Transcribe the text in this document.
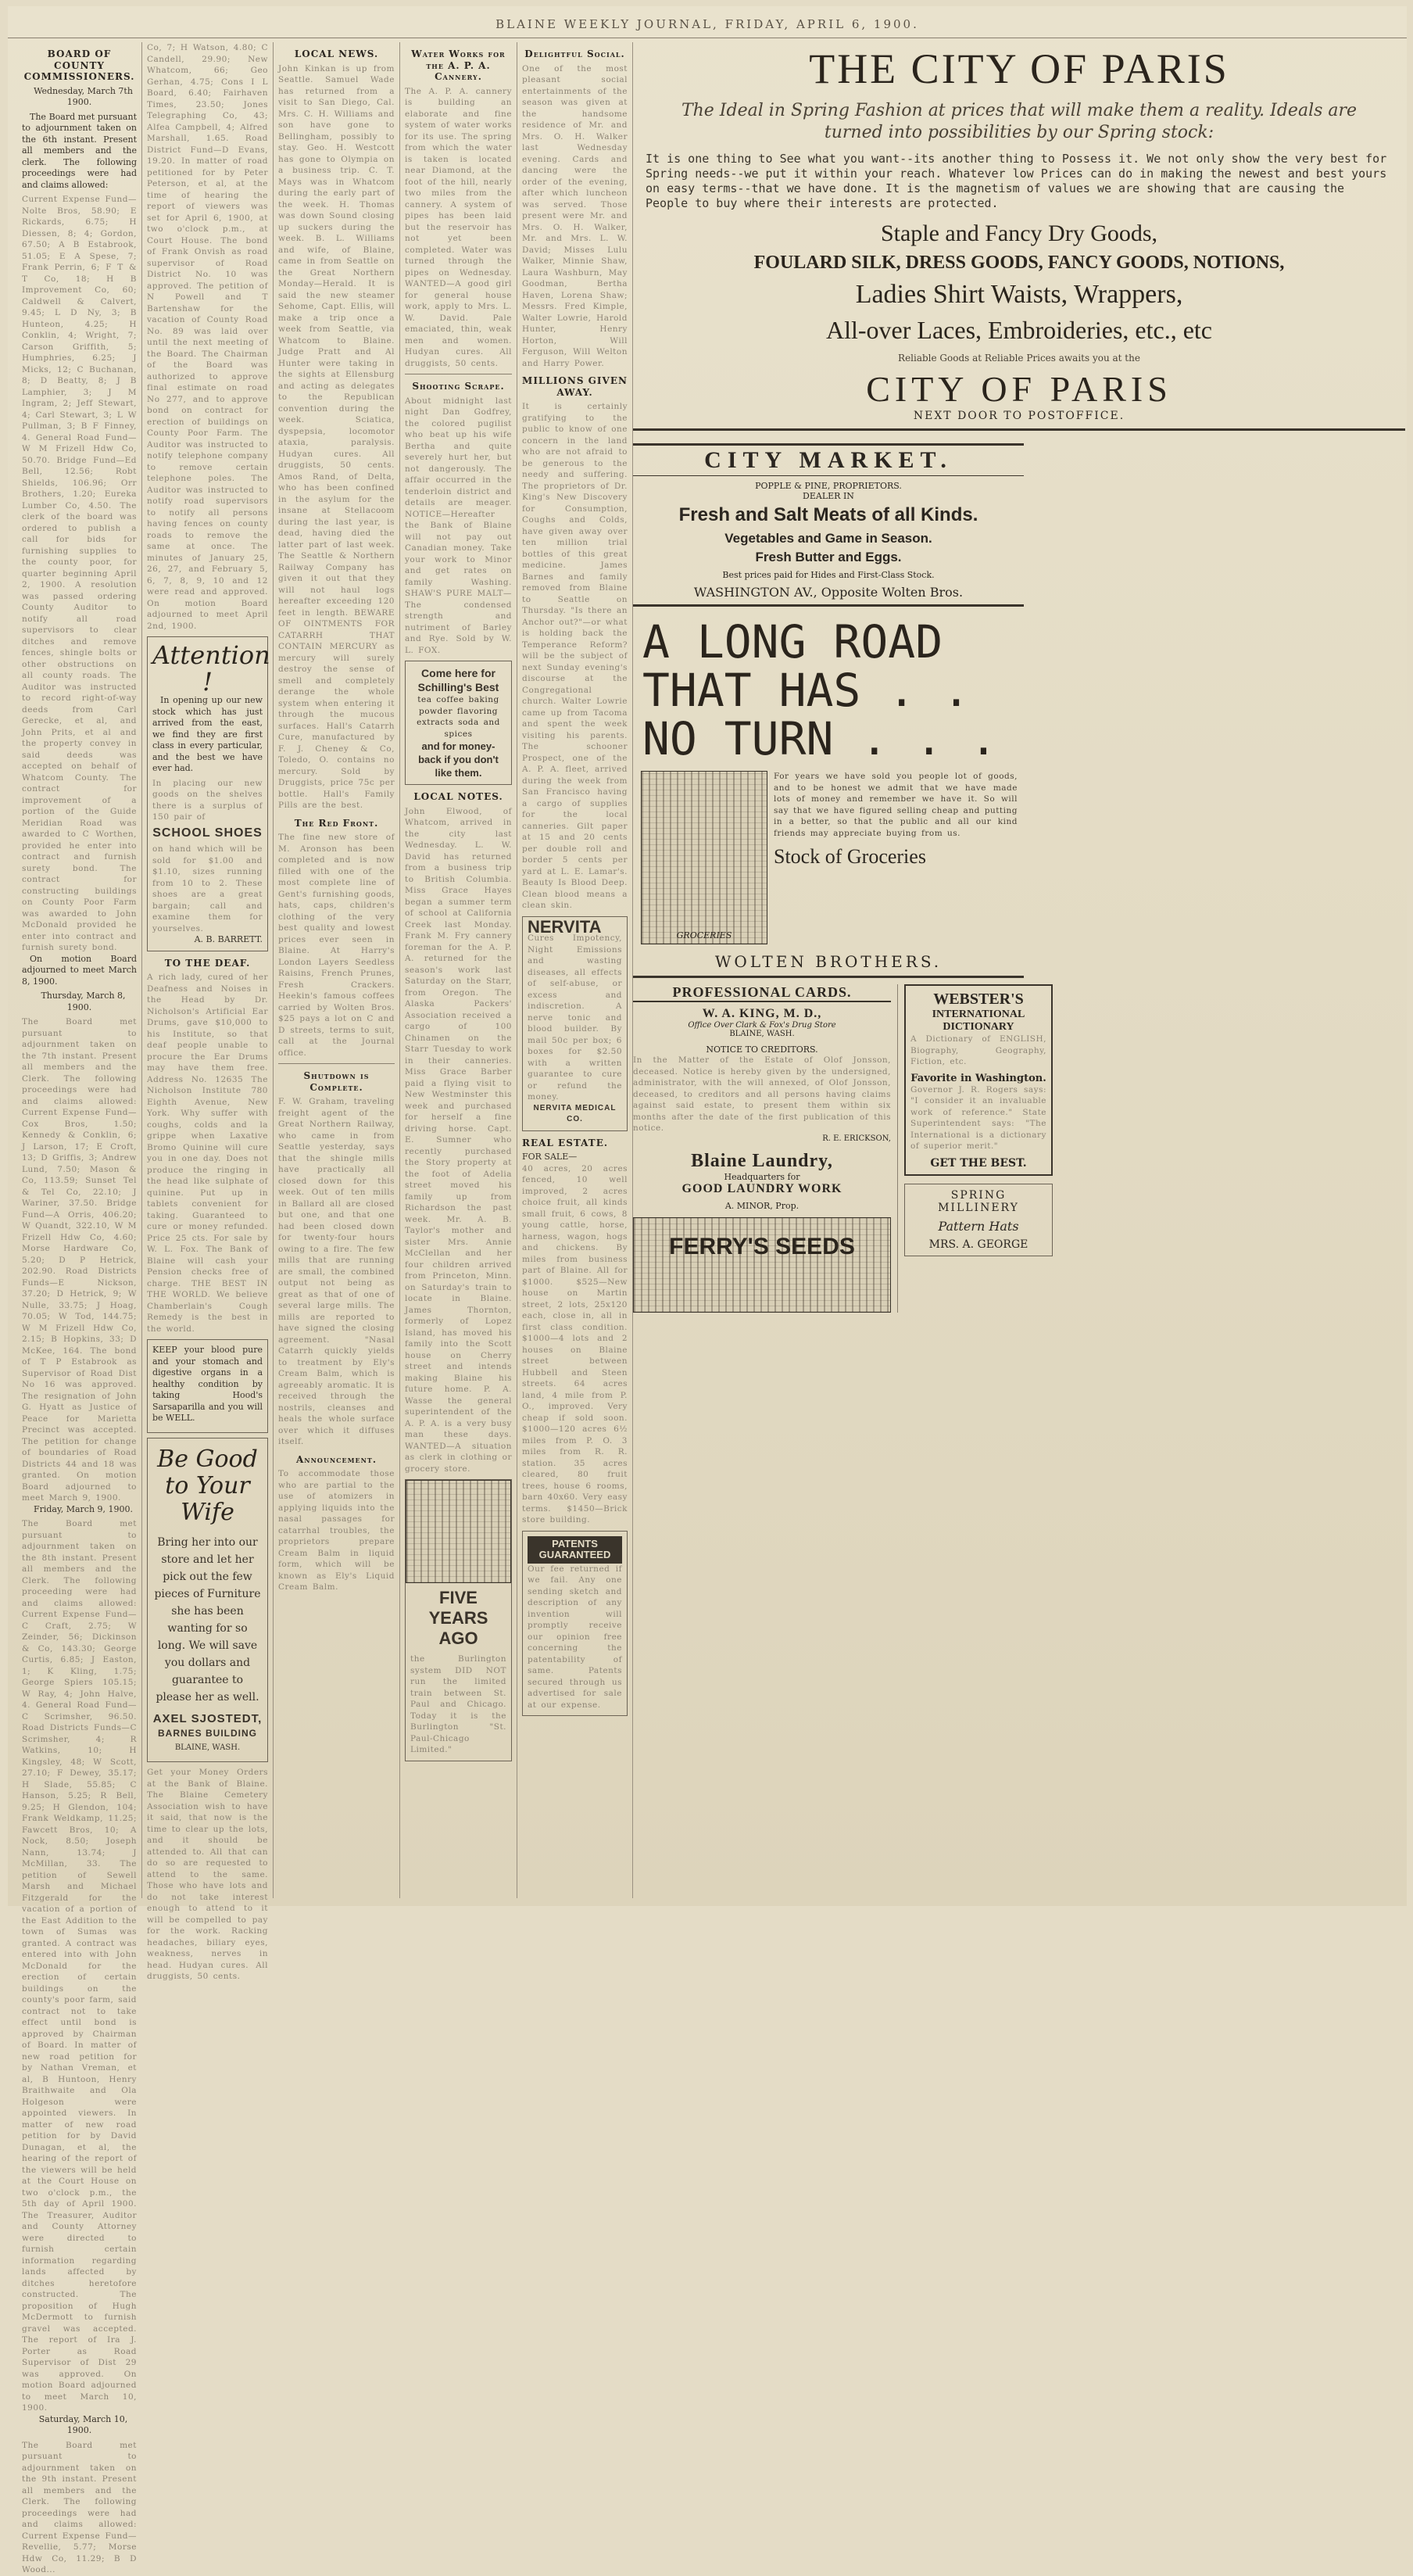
BLAINE WEEKLY JOURNAL, FRIDAY, APRIL 6, 1900.
BOARD OF COUNTY COMMISSIONERS.

Wednesday, March 7th 1900.

The Board met pursuant to adjournment taken on the 6th instant. Present all members and the clerk. The following proceedings were had and claims allowed:

Current Expense Fund—Nolte Bros, 58.90; E Rickards, 6.75; H Diessen, 8; 4; Gordon, 67.50; A B Estabrook, 51.05; E A Spese, 7; Frank Perrin, 6; F T & T Co, 18; H B Improvement Co, 60; Caldwell & Calvert, 9.45; L D Ny, 3; B Hunteon, 4.25; H Conklin, 4; Wright, 7; Carson Griffith, 5; Humphries, 6.25; J Micks, 12; C Buchanan, 8; D Beatty, 8; J B Lamphier, 3; J M Ingram, 2; Jeff Stewart, 4; Carl Stewart, 3; L W Pullman, 3; B F Finney, 4. General Road Fund—W M Frizell Hdw Co, 50.70. Bridge Fund—Ed Bell, 12.56; Robt Shields, 106.96; Orr Brothers, 1.20; Eureka Lumber Co, 4.50. The clerk of the board was ordered to publish a call for bids for furnishing supplies to the county poor, for quarter beginning April 2, 1900. A resolution was passed ordering County Auditor to notify all road supervisors to clear ditches and remove fences, shingle bolts or other obstructions on all county roads. The Auditor was instructed to record right-of-way deeds from Carl Gerecke, et al, and John Prits, et al and the property convey in said deeds was accepted on behalf of Whatcom County. The contract for improvement of a portion of the Guide Meridian Road was awarded to C Worthen, provided he enter into contract and furnish surety bond. The contract for constructing buildings on County Poor Farm was awarded to John McDonald provided he enter into contract and furnish surety bond.

On motion Board adjourned to meet March 8, 1900.

Thursday, March 8, 1900.

The Board met pursuant to adjournment taken on the 7th instant. Present all members and the Clerk. The following proceedings were had and claims allowed: Current Expense Fund—Cox Bros, 1.50; Kennedy & Conklin, 6; J Larson, 17; E Croft, 13; D Griffis, 3; Andrew Lund, 7.50; Mason & Co, 113.59; Sunset Tel & Tel Co, 22.10; J Wariner, 37.50. Bridge Fund—A Orris, 406.20; W Quandt, 322.10, W M Frizell Hdw Co, 4.60; Morse Hardware Co, 5.20; D P Hetrick, 202.90. Road Districts Funds—E Nickson, 37.20; D Hetrick, 9; W Nulle, 33.75; J Hoag, 70.05; W Tod, 144.75; W M Frizell Hdw Co, 2.15; B Hopkins, 33; D McKee, 164. The bond of T P Estabrook as Supervisor of Road Dist No 16 was approved. The resignation of John G. Hyatt as Justice of Peace for Marietta Precinct was accepted. The petition for change of boundaries of Road Districts 44 and 18 was granted. On motion Board adjourned to meet March 9, 1900.

Friday, March 9, 1900.

The Board met pursuant to adjournment taken on the 8th instant. Present all members and the Clerk. The following proceeding were had and claims allowed: Current Expense Fund—C Craft, 2.75; W Zeinder, 56; Dickinson & Co, 143.30; George Curtis, 6.85; J Easton, 1; K Kling, 1.75; George Spiers 105.15; W Ray, 4; John Halve, 4. General Road Fund—C Scrimsher, 96.50. Road Districts Funds—C Scrimsher, 4; R Watkins, 10; H Kingsley, 48; W Scott, 27.10; F Dewey, 35.17; H Slade, 55.85; C Hanson, 5.25; R Bell, 9.25; H Glendon, 104; Frank Weldkamp, 11.25; Fawcett Bros, 10; A Nock, 8.50; Joseph Nann, 13.74; J McMillan, 33. The petition of Sewell Marsh and Michael Fitzgerald for the vacation of a portion of the East Addition to the town of Sumas was granted. A contract was entered into with John McDonald for the erection of certain buildings on the county's poor farm, said contract not to take effect until bond is approved by Chairman of Board. In matter of new road petition for by Nathan Vreman, et al, B Huntoon, Henry Braithwaite and Ola Holgeson were appointed viewers. In matter of new road petition for by David Dunagan, et al, the hearing of the report of the viewers will be held at the Court House on two o'clock p.m., the 5th day of April 1900. The Treasurer, Auditor and County Attorney were directed to furnish certain information regarding lands affected by ditches heretofore constructed. The proposition of Hugh McDermott to furnish gravel was accepted. The report of Ira J. Porter as Road Supervisor of Dist 29 was approved. On motion Board adjourned to meet March 10, 1900.

Saturday, March 10, 1900.

The Board met pursuant to adjournment taken on the 9th instant. Present all members and the Clerk. The following proceedings were had and claims allowed: Current Expense Fund—Revellie, 5.77; Morse Hdw Co, 11.29; B D Wood...
Co, 7; H Watson, 4.80; C Candell, 29.90; New Whatcom, 66; Geo Gerhan, 4.75; Cons I L Board, 6.40; Fairhaven Times, 23.50; Jones Telegraphing Co, 43; Alfea Campbell, 4; Alfred Marshall, 1.65. Road District Fund—D Evans, 19.20. In matter of road petitioned for by Peter Peterson, et al, at the time of hearing the report of viewers was set for April 6, 1900, at two o'clock p.m., at Court House. The bond of Frank Onvish as road supervisor of Road District No. 10 was approved. The petition of N Powell and T Bartenshaw for the vacation of County Road No. 89 was laid over until the next meeting of the Board. The Chairman of the Board was authorized to approve final estimate on road No 277, and to approve bond on contract for erection of buildings on County Poor Farm. The Auditor was instructed to notify telephone company to remove certain telephone poles. The Auditor was instructed to notify road supervisors to notify all persons having fences on county roads to remove the same at once. The minutes of January 25, 26, 27, and February 5, 6, 7, 8, 9, 10 and 12 were read and approved. On motion Board adjourned to meet April 2nd, 1900.
Attention !

In opening up our new stock which has just arrived from the east, we find they are first class in every particular, and the best we have ever had.

In placing our new goods on the shelves there is a surplus of 150 pair of
SCHOOL SHOES
on hand which will be sold for $1.00 and $1.10, sizes running from 10 to 2. These shoes are a great bargain; call and examine them for yourselves.
A. B. BARRETT.
TO THE DEAF.
A rich lady, cured of her Deafness and Noises in the Head by Dr. Nicholson's Artificial Ear Drums, gave $10,000 to his Institute, so that deaf people unable to procure the Ear Drums may have them free. Address No. 12635 The Nicholson Institute 780 Eighth Avenue, New York. Why suffer with coughs, colds and la grippe when Laxative Bromo Quinine will cure you in one day. Does not produce the ringing in the head like sulphate of quinine. Put up in tablets convenient for taking. Guaranteed to cure or money refunded. Price 25 cts. For sale by W. L. Fox. The Bank of Blaine will cash your Pension checks free of charge. THE BEST IN THE WORLD. We believe Chamberlain's Cough Remedy is the best in the world.

KEEP your blood pure and your stomach and digestive organs in a healthy condition by taking Hood's Sarsaparilla and you will be WELL.

Be Good
to Your Wife

Bring her into our store and let her pick out the few pieces of Furniture she has been wanting for so long. We will save you dollars and guarantee to please her as well.

AXEL SJOSTEDT,
BARNES BUILDING
BLAINE, WASH.
Get your Money Orders at the Bank of Blaine. The Blaine Cemetery Association wish to have it said, that now is the time to clear up the lots, and it should be attended to. All that can do so are requested to attend to the same. Those who have lots and do not take interest enough to attend to it will be compelled to pay for the work. Racking headaches, biliary eyes, weakness, nerves in head. Hudyan cures. All druggists, 50 cents.
LOCAL NEWS.
John Kinkan is up from Seattle. Samuel Wade has returned from a visit to San Diego, Cal. Mrs. C. H. Williams and son have gone to Bellingham, possibly to stay. Geo. H. Westcott has gone to Olympia on a business trip. C. T. Mays was in Whatcom during the early part of the week. H. Thomas was down Sound closing up suckers during the week. B. L. Williams and wife, of Blaine, came in from Seattle on the Great Northern Monday—Herald. It is said the new steamer Sehome, Capt. Ellis, will make a trip once a week from Seattle, via Whatcom to Blaine. Judge Pratt and Al Hunter were taking in the sights at Ellensburg and acting as delegates to the Republican convention during the week. Sciatica, dyspepsia, locomotor ataxia, paralysis. Hudyan cures. All druggists, 50 cents. Amos Rand, of Delta, who has been confined in the asylum for the insane at Stellacoom during the last year, is dead, having died the latter part of last week. The Seattle & Northern Railway Company has given it out that they will not haul logs hereafter exceeding 120 feet in length. BEWARE OF OINTMENTS FOR CATARRH THAT CONTAIN MERCURY as mercury will surely destroy the sense of smell and completely derange the whole system when entering it through the mucous surfaces. Hall's Catarrh Cure, manufactured by F. J. Cheney & Co, Toledo, O. contains no mercury. Sold by Druggists, price 75c per bottle. Hall's Family Pills are the best.
The Red Front.
The fine new store of M. Aronson has been completed and is now filled with one of the most complete line of Gent's furnishing goods, hats, caps, children's clothing of the very best quality and lowest prices ever seen in Blaine. At Harry's London Layers Seedless Raisins, French Prunes, Fresh Crackers. Heekin's famous coffees carried by Wolten Bros. $25 pays a lot on C and D streets, terms to suit, call at the Journal office.
Shutdown is Complete.
F. W. Graham, traveling freight agent of the Great Northern Railway, who came in from Seattle yesterday, says that the shingle mills have practically all closed down for this week. Out of ten mills in Ballard all are closed but one, and that one had been closed down for twenty-four hours owing to a fire. The few mills that are running are small, the combined output not being as great as that of one of several large mills. The mills are reported to have signed the closing agreement. "Nasal Catarrh quickly yields to treatment by Ely's Cream Balm, which is agreeably aromatic. It is received through the nostrils, cleanses and heals the whole surface over which it diffuses itself.
Announcement.
To accommodate those who are partial to the use of atomizers in applying liquids into the nasal passages for catarrhal troubles, the proprietors prepare Cream Balm in liquid form, which will be known as Ely's Liquid Cream Balm.
Water Works for the A. P. A. Cannery.
The A. P. A. cannery is building an elaborate and fine system of water works for its use. The spring from which the water is taken is located near Diamond, at the foot of the hill, nearly two miles from the cannery. A system of pipes has been laid but the reservoir has not yet been completed. Water was turned through the pipes on Wednesday. WANTED—A good girl for general house work, apply to Mrs. L. W. David. Pale emaciated, thin, weak men and women. Hudyan cures. All druggists, 50 cents.
Shooting Scrape.
About midnight last night Dan Godfrey, the colored pugilist who beat up his wife Bertha and quite severely hurt her, but not dangerously. The affair occurred in the tenderloin district and details are meager. NOTICE—Hereafter the Bank of Blaine will not pay out Canadian money. Take your work to Minor and get rates on family Washing. SHAW'S PURE MALT—The condensed strength and nutriment of Barley and Rye. Sold by W. L. FOX.
Come here for Schilling's Best
tea coffee baking powder flavoring extracts soda and spices
and for money-back if you don't like them.
LOCAL NOTES.
John Elwood, of Whatcom, arrived in the city last Wednesday. L. W. David has returned from a business trip to British Columbia. Miss Grace Hayes began a summer term of school at California Creek last Monday. Frank M. Fry cannery foreman for the A. P. A. returned for the season's work last Saturday on the Starr, from Oregon. The Alaska Packers' Association received a cargo of 100 Chinamen on the Starr Tuesday to work in their canneries. Miss Grace Barber paid a flying visit to New Westminster this week and purchased for herself a fine driving horse. Capt. E. Sumner who recently purchased the Story property at the foot of Adelia street moved his family up from Richardson the past week. Mr. A. B. Taylor's mother and sister Mrs. Annie McClellan and her four children arrived from Princeton, Minn. on Saturday's train to locate in Blaine. James Thornton, formerly of Lopez Island, has moved his family into the Scott house on Cherry street and intends making Blaine his future home. P. A. Wasse the general superintendent of the A. P. A. is a very busy man these days. WANTED—A situation as clerk in clothing or grocery store.
FIVE YEARS AGO
the Burlington system DID NOT run the limited train between St. Paul and Chicago. Today it is the Burlington "St. Paul-Chicago Limited."
Delightful Social.
One of the most pleasant social entertainments of the season was given at the handsome residence of Mr. and Mrs. O. H. Walker last Wednesday evening. Cards and dancing were the order of the evening, after which luncheon was served. Those present were Mr. and Mrs. O. H. Walker, Mr. and Mrs. L. W. David; Misses Lulu Walker, Minnie Shaw, Laura Washburn, May Goodman, Bertha Haven, Lorena Shaw; Messrs. Fred Kimple, Walter Lowrie, Harold Hunter, Henry Horton, Will Ferguson, Will Welton and Harry Power.
MILLIONS GIVEN AWAY.
It is certainly gratifying to the public to know of one concern in the land who are not afraid to be generous to the needy and suffering. The proprietors of Dr. King's New Discovery for Consumption, Coughs and Colds, have given away over ten million trial bottles of this great medicine. James Barnes and family removed from Blaine to Seattle on Thursday. "Is there an Anchor out?"—or what is holding back the Temperance Reform? will be the subject of next Sunday evening's discourse at the Congregational church. Walter Lowrie came up from Tacoma and spent the week visiting his parents. The schooner Prospect, one of the A. P. A. fleet, arrived during the week from San Francisco having a cargo of supplies for the local canneries. Gilt paper at 15 and 20 cents per double roll and border 5 cents per yard at L. E. Lamar's. Beauty Is Blood Deep. Clean blood means a clean skin.
NERVITA
Cures Impotency, Night Emissions and wasting diseases, all effects of self-abuse, or excess and indiscretion. A nerve tonic and blood builder. By mail 50c per box; 6 boxes for $2.50 with a written guarantee to cure or refund the money.
NERVITA MEDICAL CO.
REAL ESTATE.
FOR SALE—
40 acres, 20 acres fenced, 10 well improved, 2 acres choice fruit, all kinds small fruit, 6 cows, 8 young cattle, horse, harness, wagon, hogs and chickens. By miles from business part of Blaine. All for $1000. $525—New house on Martin street, 2 lots, 25x120 each, close in, all in first class condition. $1000—4 lots and 2 houses on Blaine street between Hubbell and Steen streets. 64 acres land, 4 mile from P. O., improved. Very cheap if sold soon. $1000—120 acres 6½ miles from P. O. 3 miles from R. R. station. 35 acres cleared, 80 fruit trees, house 6 rooms, barn 40x60. Very easy terms. $1450—Brick store building.
PATENTS GUARANTEED
Our fee returned if we fail. Any one sending sketch and description of any invention will promptly receive our opinion free concerning the patentability of same. Patents secured through us advertised for sale at our expense.
THE CITY OF PARIS
The Ideal in Spring Fashion at prices that will make them a reality. Ideals are turned into possibilities by our Spring stock:
It is one thing to See what you want--its another thing to Possess it. We not only show the very best for Spring needs--we put it within your reach. Whatever low Prices can do in making the newest and best yours on easy terms--that we have done. It is the magnetism of values we are showing that are causing the People to buy where their interests are protected.
Staple and Fancy Dry Goods,
FOULARD SILK, DRESS GOODS, FANCY GOODS, NOTIONS,
Ladies Shirt Waists, Wrappers,
All-over Laces, Embroideries, etc., etc
Reliable Goods at Reliable Prices awaits you at the
CITY OF PARIS
NEXT DOOR TO POSTOFFICE.
CITY MARKET.
POPPLE & PINE, PROPRIETORS.
DEALER IN
Fresh and Salt Meats of all Kinds.
Vegetables and Game in Season.
Fresh Butter and Eggs.
Best prices paid for Hides and First-Class Stock.
WASHINGTON AV., Opposite Wolten Bros.
A LONG ROAD
THAT HAS . .
NO TURN . . .
GROCERIES
For years we have sold you people lot of goods, and to be honest we admit that we have made lots of money and remember we have it. So will say that we have figured selling cheap and putting in a better, so that the public and all our kind friends may appreciate buying from us.
Stock of Groceries
WOLTEN BROTHERS.
PROFESSIONAL CARDS.
W. A. KING, M. D.,
Office Over Clark & Fox's Drug Store
BLAINE, WASH.
NOTICE TO CREDITORS.
In the Matter of the Estate of Olof Jonsson, deceased. Notice is hereby given by the undersigned, administrator, with the will annexed, of Olof Jonsson, deceased, to creditors and all persons having claims against said estate, to present them within six months after the date of the first publication of this notice.
R. E. ERICKSON,
Blaine Laundry,
Headquarters for
GOOD LAUNDRY WORK
A. MINOR, Prop.
FERRY'S SEEDS
WEBSTER'S
INTERNATIONAL DICTIONARY
A Dictionary of ENGLISH, Biography, Geography, Fiction, etc.
Favorite in Washington.
Governor J. R. Rogers says: "I consider it an invaluable work of reference." State Superintendent says: "The International is a dictionary of superior merit."
GET THE BEST.
SPRING MILLINERY
Pattern Hats
MRS. A. GEORGE
